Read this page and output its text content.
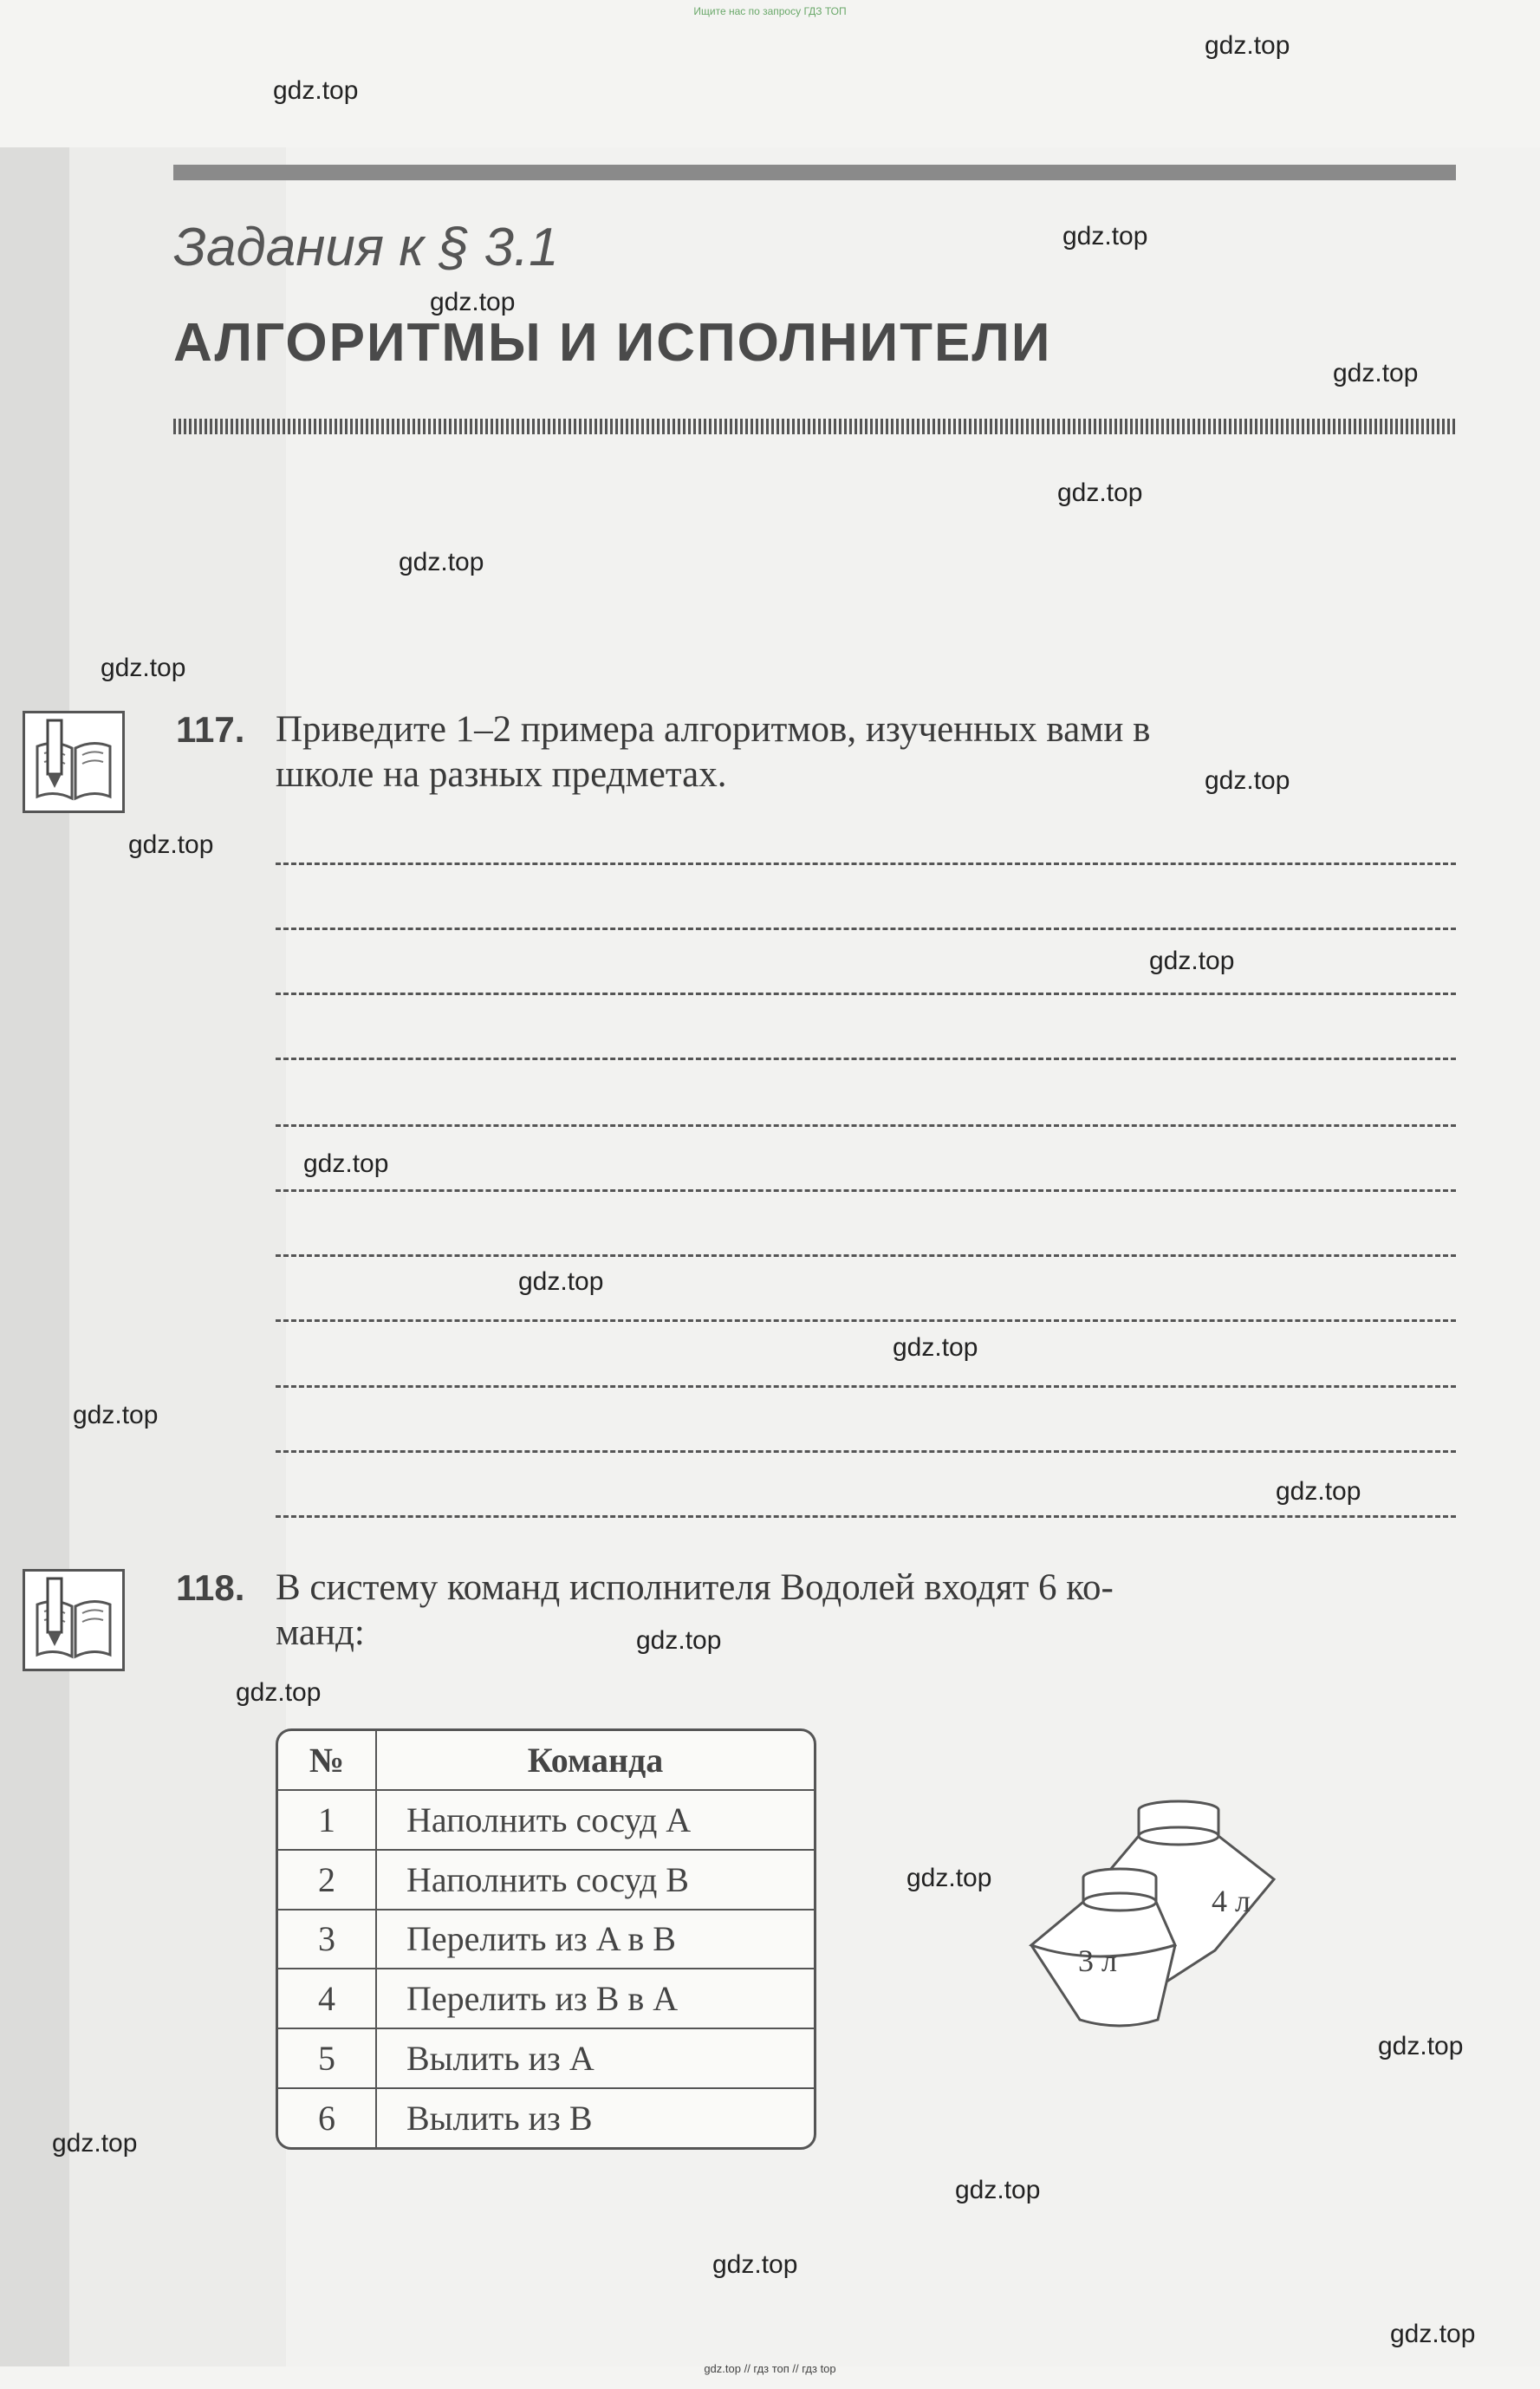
Ищите нас по запросу ГДЗ ТОП
Задания к § 3.1
АЛГОРИТМЫ И ИСПОЛНИТЕЛИ
117. Приведите 1–2 примера алгоритмов, изученных вами в
школе на разных предметах.
118. В систему команд исполнителя Водолей входят 6 ко-
манд:
№	Команда
1	Наполнить сосуд A
2	Наполнить сосуд B
3	Перелить из A в B
4	Перелить из B в A
5	Вылить из A
6	Вылить из B
4 л
3 л
gdz.top
gdz.top
gdz.top
gdz.top
gdz.top
gdz.top
gdz.top
gdz.top
gdz.top
gdz.top
gdz.top
gdz.top
gdz.top
gdz.top
gdz.top
gdz.top
gdz.top
gdz.top
gdz.top
gdz.top
gdz.top
gdz.top
gdz.top
gdz.top
gdz.top // гдз топ // гдз top
